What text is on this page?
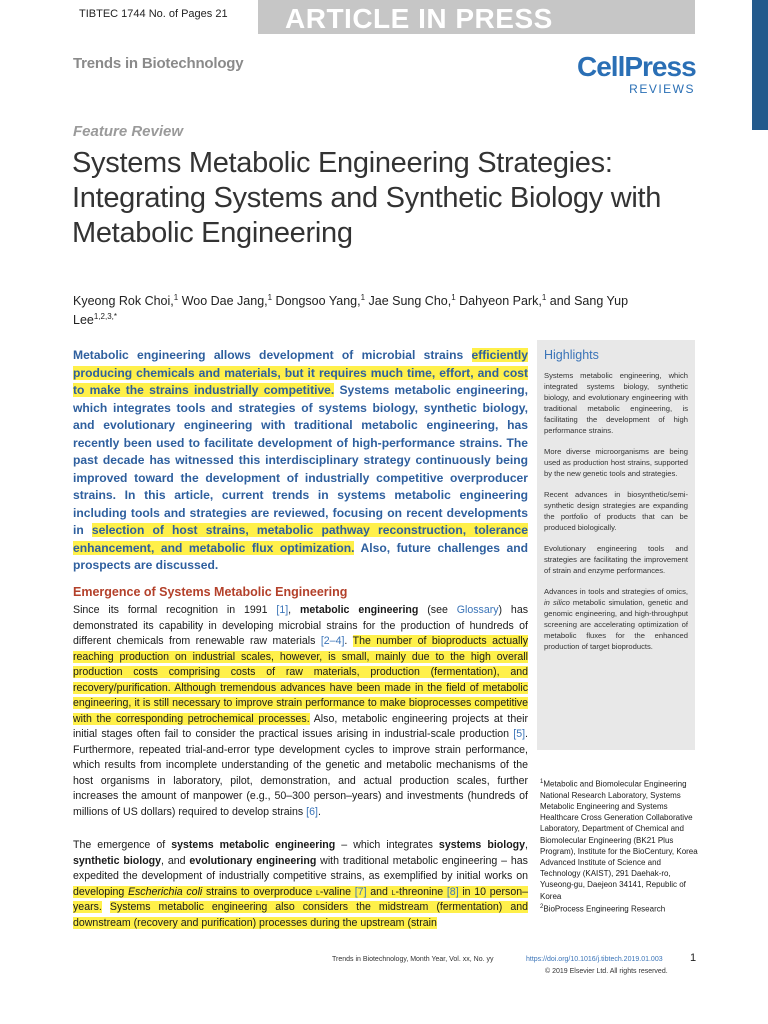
ARTICLE IN PRESS
TIBTEC 1744 No. of Pages 21
Trends in Biotechnology	CellPress
REVIEWS
Feature Review
Systems Metabolic Engineering Strategies: Integrating Systems and Synthetic Biology with Metabolic Engineering
Kyeong Rok Choi,$^1$ Woo Dae Jang,$^1$ Dongsoo Yang,$^1$ Jae Sung Cho,$^1$ Dahyeon Park,$^1$ and Sang Yup Lee$^{1,2,3,*}$

Metabolic engineering allows development of microbial strains efficiently producing chemicals and materials, but it requires much time, effort, and cost to make the strains industrially competitive. Systems metabolic engineering, which integrates tools and strategies of systems biology, synthetic biology, and evolutionary engineering with traditional metabolic engineering, has recently been used to facilitate development of high-performance strains. The past decade has witnessed this interdisciplinary strategy continuously being improved toward the development of industrially competitive overproducer strains. In this article, current trends in systems metabolic engineering including tools and strategies are reviewed, focusing on recent developments in selection of host strains, metabolic pathway reconstruction, tolerance enhancement, and metabolic flux optimization. Also, future challenges and prospects are discussed.

Emergence of Systems Metabolic Engineering

Since its formal recognition in 1991 [1], metabolic engineering (see Glossary) has demonstrated its capability in developing microbial strains for the production of hundreds of different chemicals from renewable raw materials [2–4]. The number of bioproducts actually reaching production on industrial scales, however, is small, mainly due to the high overall production costs comprising costs of raw materials, production (fermentation), and recovery/purification. Although tremendous advances have been made in the field of metabolic engineering, it is still necessary to improve strain performance to make bioprocesses competitive with the corresponding petrochemical processes. Also, metabolic engineering projects at their initial stages often fail to consider the practical issues arising in industrial-scale production [5]. Furthermore, repeated trial-and-error type development cycles to improve strain performance, which results from incomplete understanding of the genetic and metabolic mechanisms of the host organisms in laboratory, pilot, demonstration, and actual production scales, further increases the amount of manpower (e.g., 50–300 person–years) and investments (hundreds of millions of US dollars) required to develop strains [6].

The emergence of systems metabolic engineering – which integrates systems biology, synthetic biology, and evolutionary engineering with traditional metabolic engineering – has expedited the development of industrially competitive strains, as exemplified by initial works on developing Escherichia coli strains to overproduce l-valine [7] and l-threonine [8] in 10 person–years. Systems metabolic engineering also considers the midstream (fermentation) and downstream (recovery and purification) processes during the upstream (strain

Highlights

Systems metabolic engineering, which integrated systems biology, synthetic biology, and evolutionary engineering with traditional metabolic engineering, is facilitating the development of high performance strains.

More diverse microorganisms are being used as production host strains, supported by the new genetic tools and strategies.

Recent advances in biosynthetic/semi-synthetic design strategies are expanding the portfolio of products that can be produced biologically.

Evolutionary engineering tools and strategies are facilitating the improvement of strain and enzyme performances.

Advances in tools and strategies of omics, in silico metabolic simulation, genetic and genomic engineering, and high-throughput screening are accelerating optimization of metabolic fluxes for the enhanced production of target bioproducts.

$^1$Metabolic and Biomolecular Engineering National Research Laboratory, Systems Metabolic Engineering and Systems Healthcare Cross Generation Collaborative Laboratory, Department of Chemical and Biomolecular Engineering (BK21 Plus Program), Institute for the BioCentury, Korea Advanced Institute of Science and Technology (KAIST), 291 Daehak-ro, Yuseong-gu, Daejeon 34141, Republic of Korea
$^2$BioProcess Engineering Research
Trends in Biotechnology, Month Year, Vol. xx, No. yy	https://doi.org/10.1016/j.tibtech.2019.01.003 1
© 2019 Elsevier Ltd. All rights reserved.
